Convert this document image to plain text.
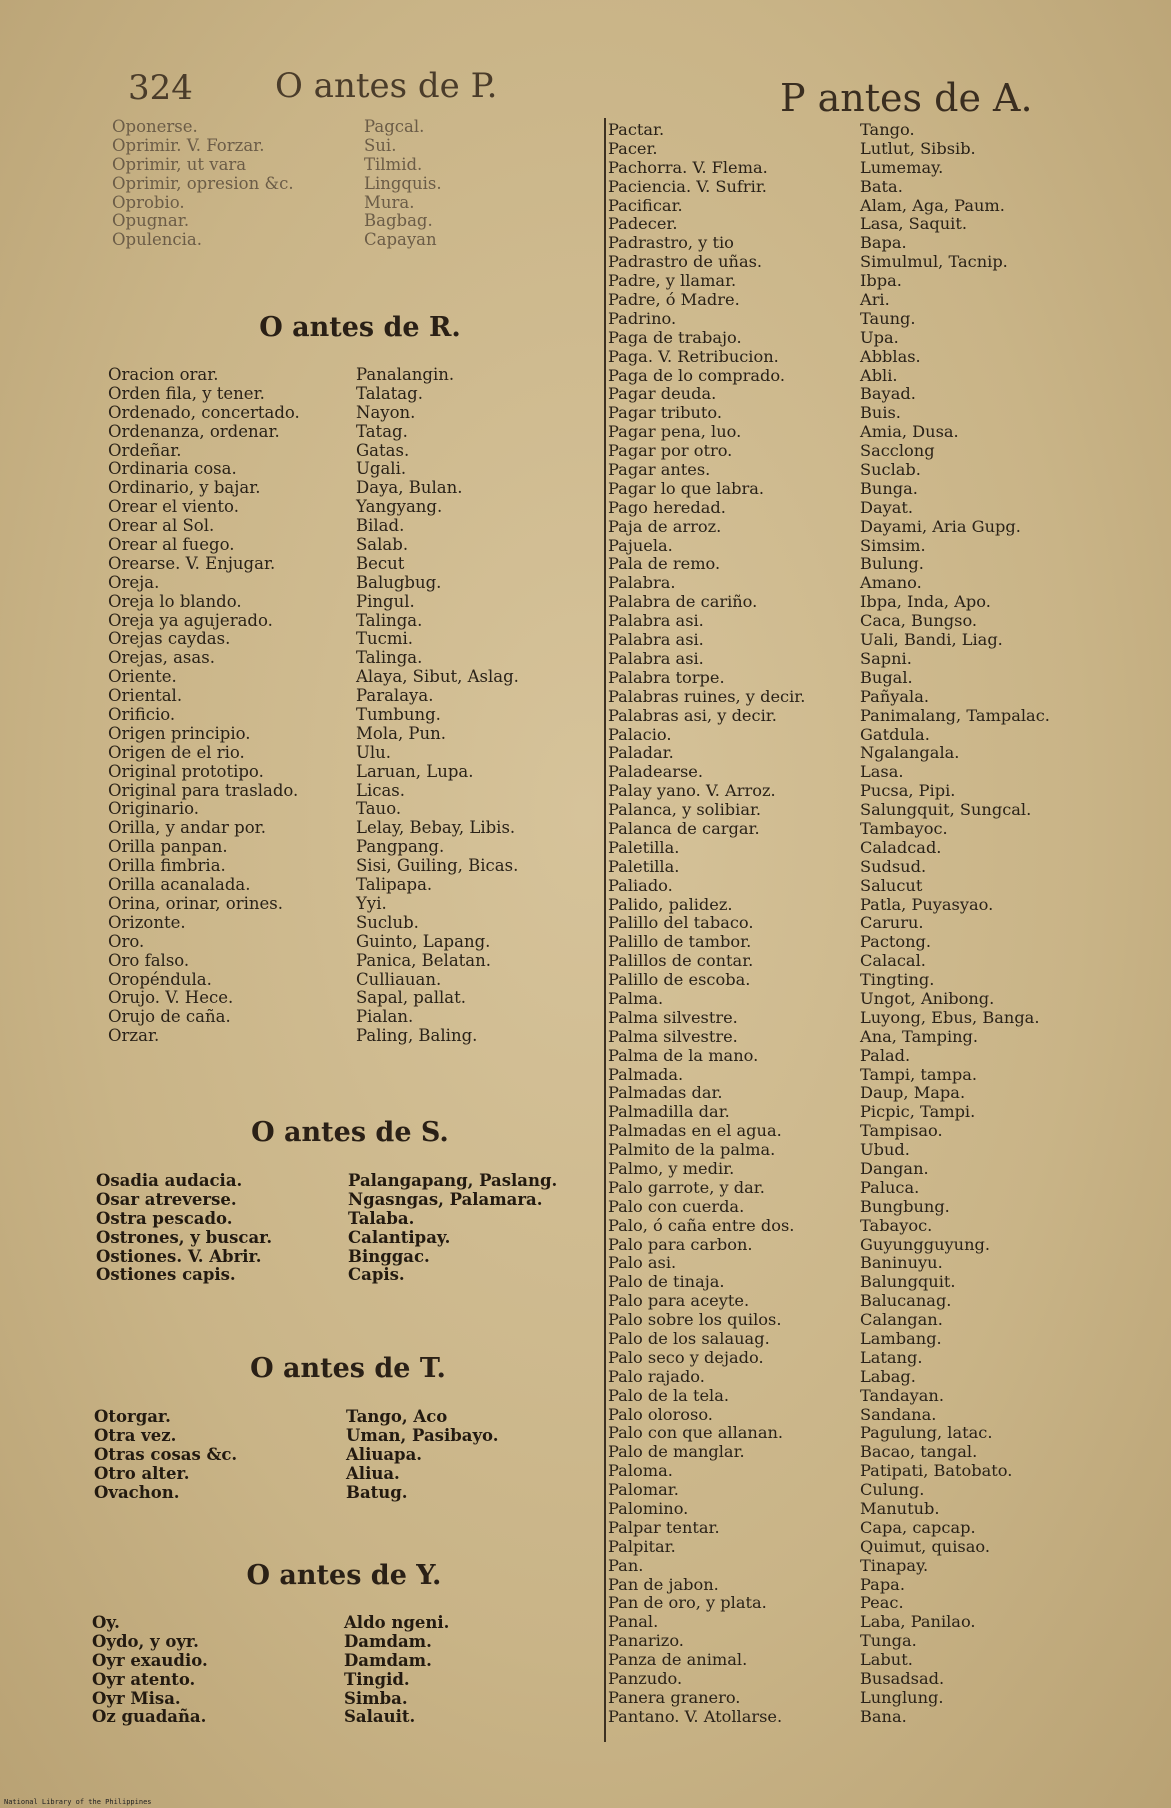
324 O antes de P.	P antes de A.
Oponerse.	Pagcal.
Oprimir. V. Forzar.	Sui.
Oprimir, ut vara	Tilmid.
Oprimir, opresion &c.	Lingquis.
Oprobio.	Mura.
Opugnar.	Bagbag.
Opulencia.	Capayan
O antes de R.
Oracion orar.	Panalangin.
Orden fila, y tener.	Talatag.
Ordenado, concertado.	Nayon.
Ordenanza, ordenar.	Tatag.
Ordeñar.	Gatas.
Ordinaria cosa.	Ugali.
Ordinario, y bajar.	Daya, Bulan.
Orear el viento.	Yangyang.
Orear al Sol.	Bilad.
Orear al fuego.	Salab.
Orearse. V. Enjugar.	Becut
Oreja.	Balugbug.
Oreja lo blando.	Pingul.
Oreja ya agujerado.	Talinga.
Orejas caydas.	Tucmi.
Orejas, asas.	Talinga.
Oriente.	Alaya, Sibut, Aslag.
Oriental.	Paralaya.
Orificio.	Tumbung.
Origen principio.	Mola, Pun.
Origen de el rio.	Ulu.
Original prototipo.	Laruan, Lupa.
Original para traslado.	Licas.
Originario.	Tauo.
Orilla, y andar por.	Lelay, Bebay, Libis.
Orilla panpan.	Pangpang.
Orilla fimbria.	Sisi, Guiling, Bicas.
Orilla acanalada.	Talipapa.
Orina, orinar, orines.	Yyi.
Orizonte.	Suclub.
Oro.	Guinto, Lapang.
Oro falso.	Panica, Belatan.
Oropéndula.	Culliauan.
Orujo. V. Hece.	Sapal, pallat.
Orujo de caña.	Pialan.
Orzar.	Paling, Baling.
O antes de S.
Osadia audacia.	Palangapang, Paslang.
Osar atreverse.	Ngasngas, Palamara.
Ostra pescado.	Talaba.
Ostrones, y buscar.	Calantipay.
Ostiones. V. Abrir.	Binggac.
Ostiones capis.	Capis.
O antes de T.
Otorgar.	Tango, Aco
Otra vez.	Uman, Pasibayo.
Otras cosas &c.	Aliuapa.
Otro alter.	Aliua.
Ovachon.	Batug.
O antes de Y.
Oy.	Aldo ngeni.
Oydo, y oyr.	Damdam.
Oyr exaudio.	Damdam.
Oyr atento.	Tingid.
Oyr Misa.	Simba.
Oz guadaña.	Salauit.
Pactar.	Tango.
Pacer.	Lutlut, Sibsib.
Pachorra. V. Flema.	Lumemay.
Paciencia. V. Sufrir.	Bata.
Pacificar.	Alam, Aga, Paum.
Padecer.	Lasa, Saquit.
Padrastro, y tio	Bapa.
Padrastro de uñas.	Simulmul, Tacnip.
Padre, y llamar.	Ibpa.
Padre, ó Madre.	Ari.
Padrino.	Taung.
Paga de trabajo.	Upa.
Paga. V. Retribucion.	Abblas.
Paga de lo comprado.	Abli.
Pagar deuda.	Bayad.
Pagar tributo.	Buis.
Pagar pena, luo.	Amia, Dusa.
Pagar por otro.	Sacclong
Pagar antes.	Suclab.
Pagar lo que labra.	Bunga.
Pago heredad.	Dayat.
Paja de arroz.	Dayami, Aria Gupg.
Pajuela.	Simsim.
Pala de remo.	Bulung.
Palabra.	Amano.
Palabra de cariño.	Ibpa, Inda, Apo.
Palabra asi.	Caca, Bungso.
Palabra asi.	Uali, Bandi, Liag.
Palabra asi.	Sapni.
Palabra torpe.	Bugal.
Palabras ruines, y decir.	Pañyala.
Palabras asi, y decir.	Panimalang, Tampalac.
Palacio.	Gatdula.
Paladar.	Ngalangala.
Paladearse.	Lasa.
Palay yano. V. Arroz.	Pucsa, Pipi.
Palanca, y solibiar.	Salungquit, Sungcal.
Palanca de cargar.	Tambayoc.
Paletilla.	Caladcad.
Paletilla.	Sudsud.
Paliado.	Salucut
Palido, palidez.	Patla, Puyasyao.
Palillo del tabaco.	Caruru.
Palillo de tambor.	Pactong.
Palillos de contar.	Calacal.
Palillo de escoba.	Tingting.
Palma.	Ungot, Anibong.
Palma silvestre.	Luyong, Ebus, Banga.
Palma silvestre.	Ana, Tamping.
Palma de la mano.	Palad.
Palmada.	Tampi, tampa.
Palmadas dar.	Daup, Mapa.
Palmadilla dar.	Picpic, Tampi.
Palmadas en el agua.	Tampisao.
Palmito de la palma.	Ubud.
Palmo, y medir.	Dangan.
Palo garrote, y dar.	Paluca.
Palo con cuerda.	Bungbung.
Palo, ó caña entre dos.	Tabayoc.
Palo para carbon.	Guyungguyung.
Palo asi.	Baninuyu.
Palo de tinaja.	Balungquit.
Palo para aceyte.	Balucanag.
Palo sobre los quilos.	Calangan.
Palo de los salauag.	Lambang.
Palo seco y dejado.	Latang.
Palo rajado.	Labag.
Palo de la tela.	Tandayan.
Palo oloroso.	Sandana.
Palo con que allanan.	Pagulung, latac.
Palo de manglar.	Bacao, tangal.
Paloma.	Patipati, Batobato.
Palomar.	Culung.
Palomino.	Manutub.
Palpar tentar.	Capa, capcap.
Palpitar.	Quimut, quisao.
Pan.	Tinapay.
Pan de jabon.	Papa.
Pan de oro, y plata.	Peac.
Panal.	Laba, Panilao.
Panarizo.	Tunga.
Panza de animal.	Labut.
Panzudo.	Busadsad.
Panera granero.	Lunglung.
Pantano. V. Atollarse.	Bana.
National Library of the Philippines
